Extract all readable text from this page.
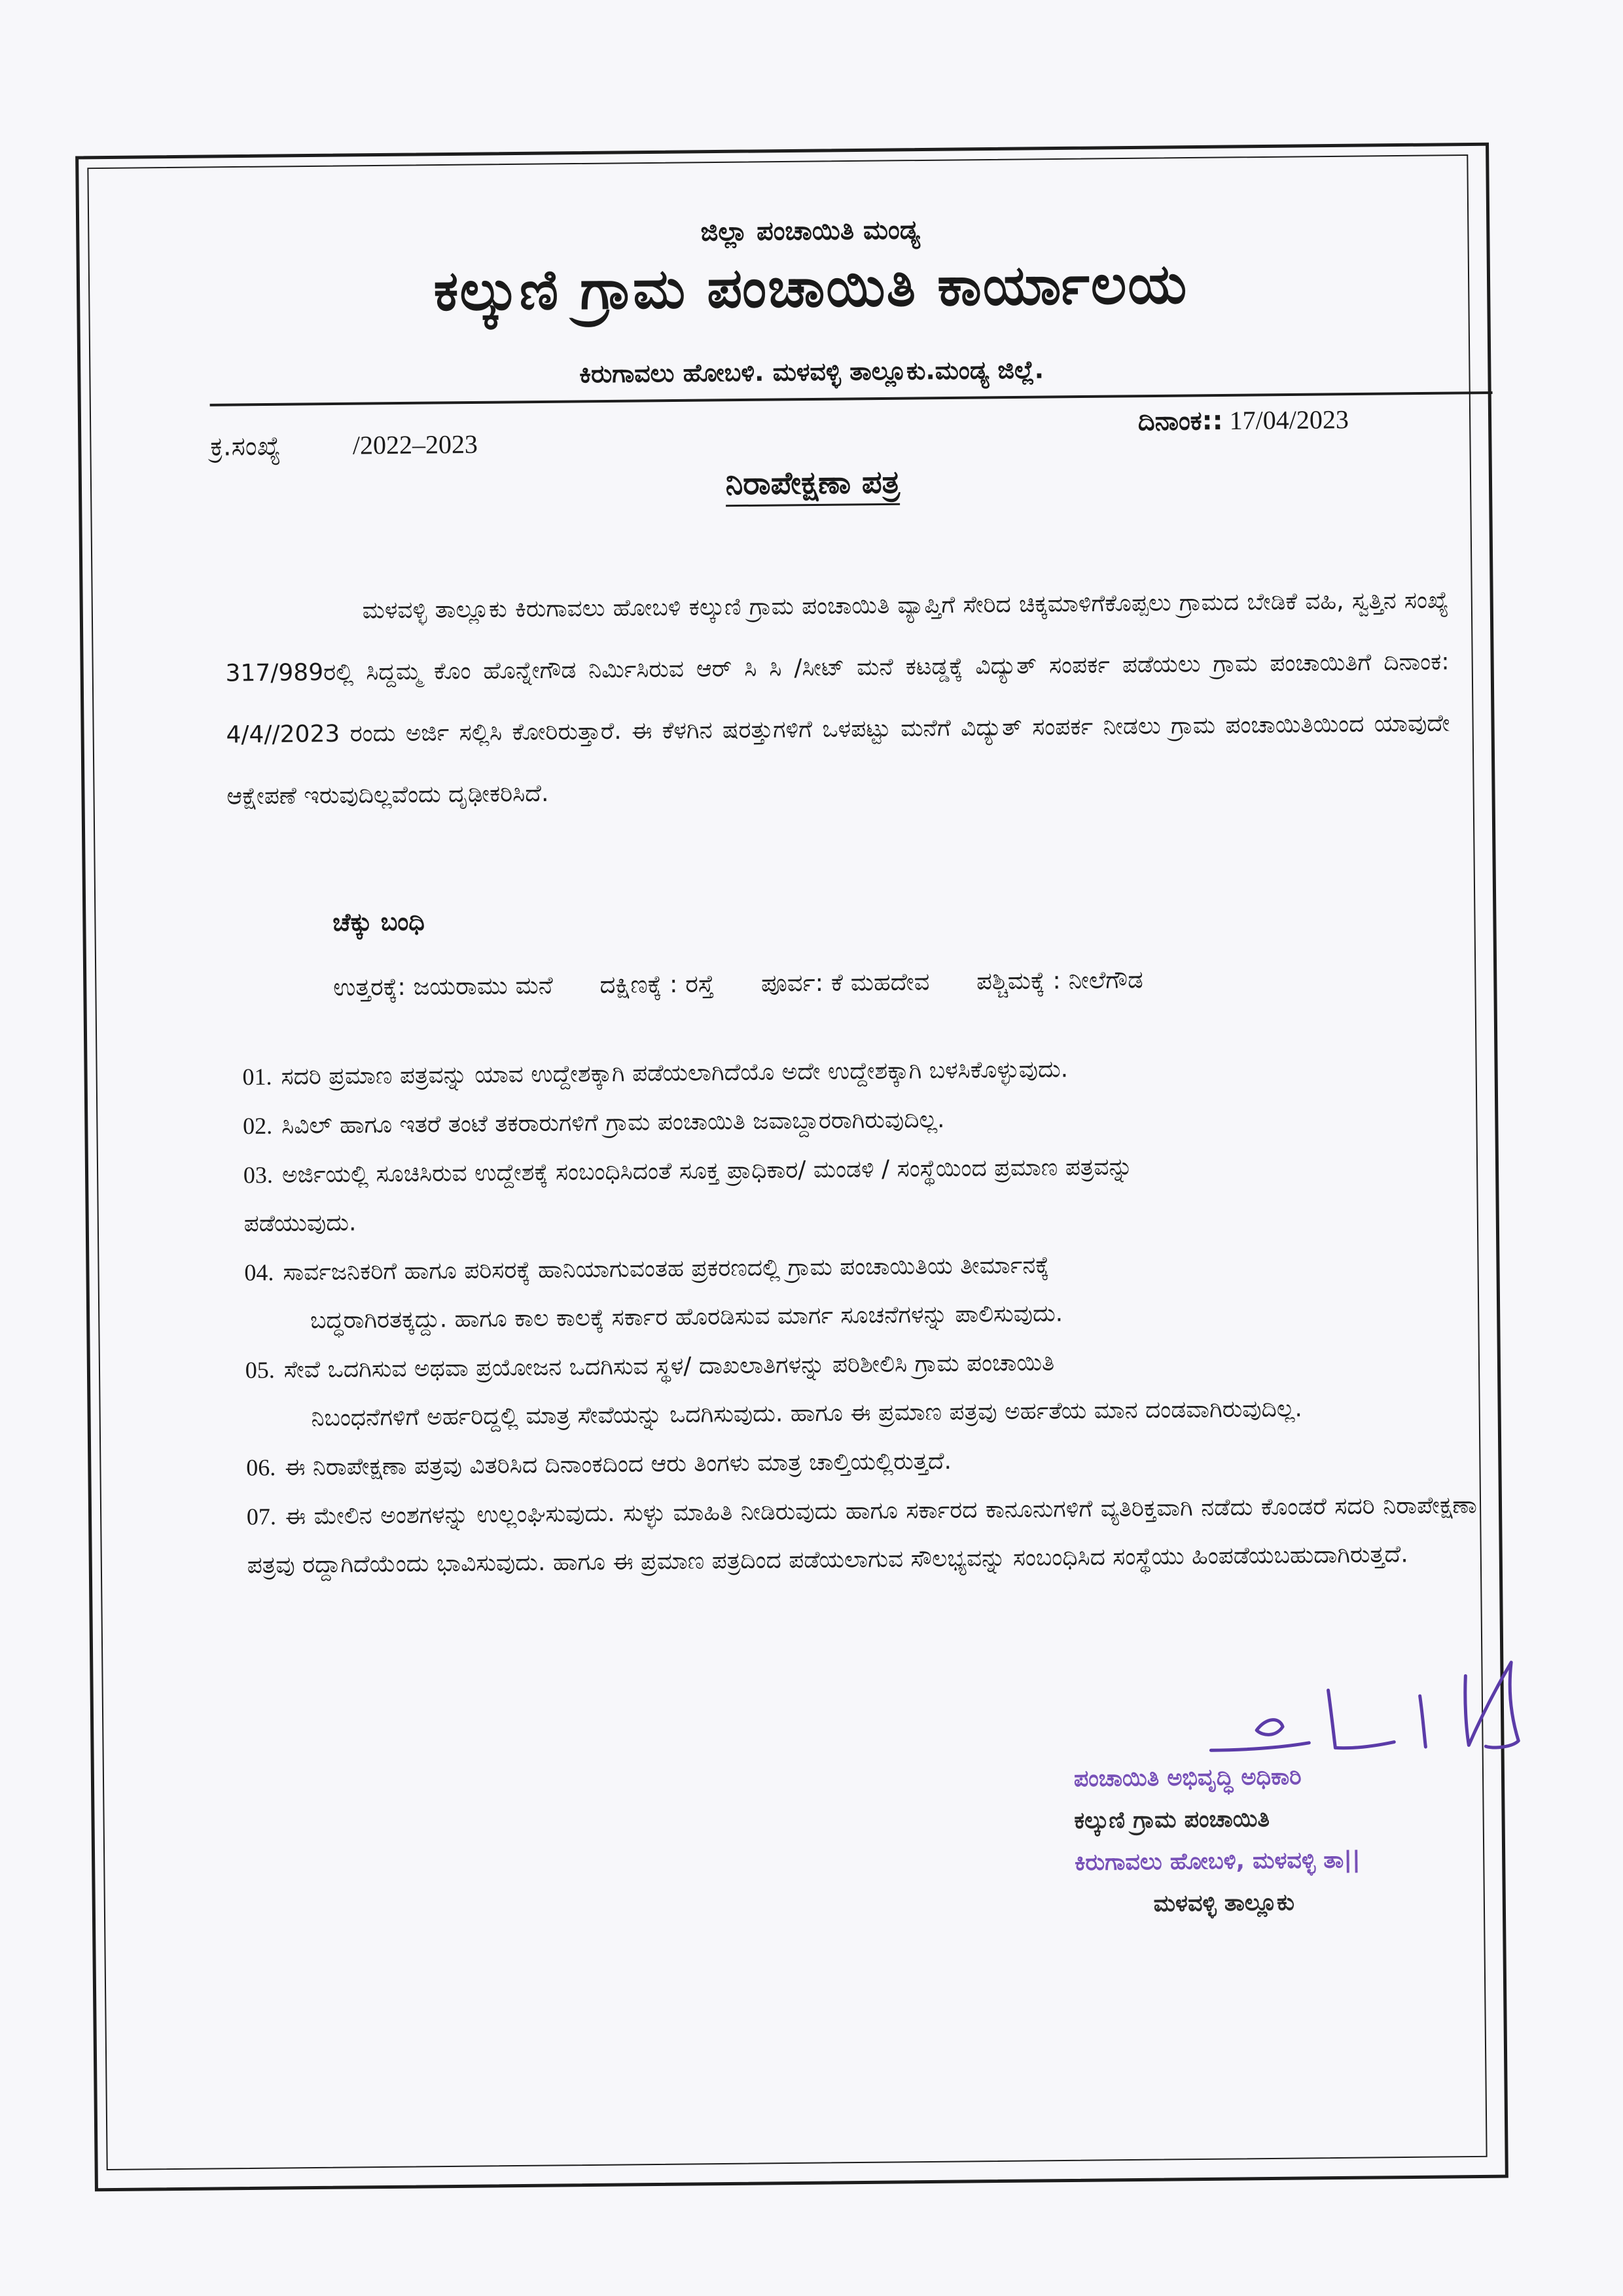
ಜಿಲ್ಲಾ ಪಂಚಾಯಿತಿ ಮಂಡ್ಯ
ಕಲ್ಕುಣಿ ಗ್ರಾಮ ಪಂಚಾಯಿತಿ ಕಾರ್ಯಾಲಯ
ಕಿರುಗಾವಲು ಹೋಬಳಿ. ಮಳವಳ್ಳಿ ತಾಲ್ಲೂಕು.ಮಂಡ್ಯ ಜಿಲ್ಲೆ.
ಕ್ರ.ಸಂಖ್ಯೆ	/2022–2023
ದಿನಾಂಕ:: 17/04/2023
ನಿರಾಪೇಕ್ಷಣಾ ಪತ್ರ
ಮಳವಳ್ಳಿ ತಾಲ್ಲೂಕು ಕಿರುಗಾವಲು ಹೋಬಳಿ ಕಲ್ಕುಣಿ ಗ್ರಾಮ ಪಂಚಾಯಿತಿ ವ್ಯಾಪ್ತಿಗೆ ಸೇರಿದ ಚಿಕ್ಕಮಾಳಿಗೆಕೊಪ್ಪಲು ಗ್ರಾಮದ ಬೇಡಿಕೆ ವಹಿ, ಸ್ವತ್ತಿನ ಸಂಖ್ಯೆ 317/989ರಲ್ಲಿ ಸಿದ್ದಮ್ಮ ಕೊಂ ಹೊನ್ನೇಗೌಡ ನಿರ್ಮಿಸಿರುವ ಆರ್ ಸಿ ಸಿ /ಸೀಟ್ ಮನೆ ಕಟಡ್ಡಕ್ಕೆ ವಿದ್ಯುತ್ ಸಂಪರ್ಕ ಪಡೆಯಲು ಗ್ರಾಮ ಪಂಚಾಯಿತಿಗೆ ದಿನಾಂಕ: 4/4//2023 ರಂದು ಅರ್ಜಿ ಸಲ್ಲಿಸಿ ಕೋರಿರುತ್ತಾರೆ. ಈ ಕೆಳಗಿನ ಷರತ್ತುಗಳಿಗೆ ಒಳಪಟ್ಟು ಮನೆಗೆ ವಿದ್ಯುತ್ ಸಂಪರ್ಕ ನೀಡಲು ಗ್ರಾಮ ಪಂಚಾಯಿತಿಯಿಂದ ಯಾವುದೇ ಆಕ್ಷೇಪಣೆ ಇರುವುದಿಲ್ಲವೆಂದು ದೃಢೀಕರಿಸಿದೆ.
ಚೆಕ್ಕು ಬಂಧಿ
ಉತ್ತರಕ್ಕೆ: ಜಯರಾಮು ಮನೆ ದಕ್ಷಿಣಕ್ಕೆ : ರಸ್ತೆ ಪೂರ್ವ: ಕೆ ಮಹದೇವ ಪಶ್ಚಿಮಕ್ಕೆ : ನೀಲೆಗೌಡ
01. ಸದರಿ ಪ್ರಮಾಣ ಪತ್ರವನ್ನು ಯಾವ ಉದ್ದೇಶಕ್ಕಾಗಿ ಪಡೆಯಲಾಗಿದೆಯೊ ಅದೇ ಉದ್ದೇಶಕ್ಕಾಗಿ ಬಳಸಿಕೊಳ್ಳುವುದು.
02. ಸಿವಿಲ್ ಹಾಗೂ ಇತರೆ ತಂಟೆ ತಕರಾರುಗಳಿಗೆ ಗ್ರಾಮ ಪಂಚಾಯಿತಿ ಜವಾಬ್ದಾರರಾಗಿರುವುದಿಲ್ಲ.
03. ಅರ್ಜಿಯಲ್ಲಿ ಸೂಚಿಸಿರುವ ಉದ್ದೇಶಕ್ಕೆ ಸಂಬಂಧಿಸಿದಂತೆ ಸೂಕ್ತ ಪ್ರಾಧಿಕಾರ/ ಮಂಡಳಿ / ಸಂಸ್ಥೆಯಿಂದ ಪ್ರಮಾಣ ಪತ್ರವನ್ನು
ಪಡೆಯುವುದು.
04. ಸಾರ್ವಜನಿಕರಿಗೆ ಹಾಗೂ ಪರಿಸರಕ್ಕೆ ಹಾನಿಯಾಗುವಂತಹ ಪ್ರಕರಣದಲ್ಲಿ ಗ್ರಾಮ ಪಂಚಾಯಿತಿಯ ತೀರ್ಮಾನಕ್ಕೆ
ಬದ್ಧರಾಗಿರತಕ್ಕದ್ದು. ಹಾಗೂ ಕಾಲ ಕಾಲಕ್ಕೆ ಸರ್ಕಾರ ಹೊರಡಿಸುವ ಮಾರ್ಗ ಸೂಚನೆಗಳನ್ನು ಪಾಲಿಸುವುದು.
05. ಸೇವೆ ಒದಗಿಸುವ ಅಥವಾ ಪ್ರಯೋಜನ ಒದಗಿಸುವ ಸ್ಥಳ/ ದಾಖಲಾತಿಗಳನ್ನು ಪರಿಶೀಲಿಸಿ ಗ್ರಾಮ ಪಂಚಾಯಿತಿ
ನಿಬಂಧನೆಗಳಿಗೆ ಅರ್ಹರಿದ್ದಲ್ಲಿ ಮಾತ್ರ ಸೇವೆಯನ್ನು ಒದಗಿಸುವುದು. ಹಾಗೂ ಈ ಪ್ರಮಾಣ ಪತ್ರವು ಅರ್ಹತೆಯ ಮಾನ ದಂಡವಾಗಿರುವುದಿಲ್ಲ.
06. ಈ ನಿರಾಪೇಕ್ಷಣಾ ಪತ್ರವು ವಿತರಿಸಿದ ದಿನಾಂಕದಿಂದ ಆರು ತಿಂಗಳು ಮಾತ್ರ ಚಾಲ್ತಿಯಲ್ಲಿರುತ್ತದೆ.
07. ಈ ಮೇಲಿನ ಅಂಶಗಳನ್ನು ಉಲ್ಲಂಘಿಸುವುದು. ಸುಳ್ಳು ಮಾಹಿತಿ ನೀಡಿರುವುದು ಹಾಗೂ ಸರ್ಕಾರದ ಕಾನೂನುಗಳಿಗೆ ವ್ಯತಿರಿಕ್ತವಾಗಿ ನಡೆದು ಕೊಂಡರೆ ಸದರಿ ನಿರಾಪೇಕ್ಷಣಾ ಪತ್ರವು ರದ್ದಾಗಿದೆಯೆಂದು ಭಾವಿಸುವುದು. ಹಾಗೂ ಈ ಪ್ರಮಾಣ ಪತ್ರದಿಂದ ಪಡೆಯಲಾಗುವ ಸೌಲಭ್ಯವನ್ನು ಸಂಬಂಧಿಸಿದ ಸಂಸ್ಥೆಯು ಹಿಂಪಡೆಯಬಹುದಾಗಿರುತ್ತದೆ.
ಪಂಚಾಯಿತಿ ಅಭಿವೃದ್ಧಿ ಅಧಿಕಾರಿ
ಕಲ್ಕುಣಿ ಗ್ರಾಮ ಪಂಚಾಯಿತಿ
ಕಿರುಗಾವಲು ಹೋಬಳಿ, ಮಳವಳ್ಳಿ ತಾ||
ಮಳವಳ್ಳಿ ತಾಲ್ಲೂಕು
